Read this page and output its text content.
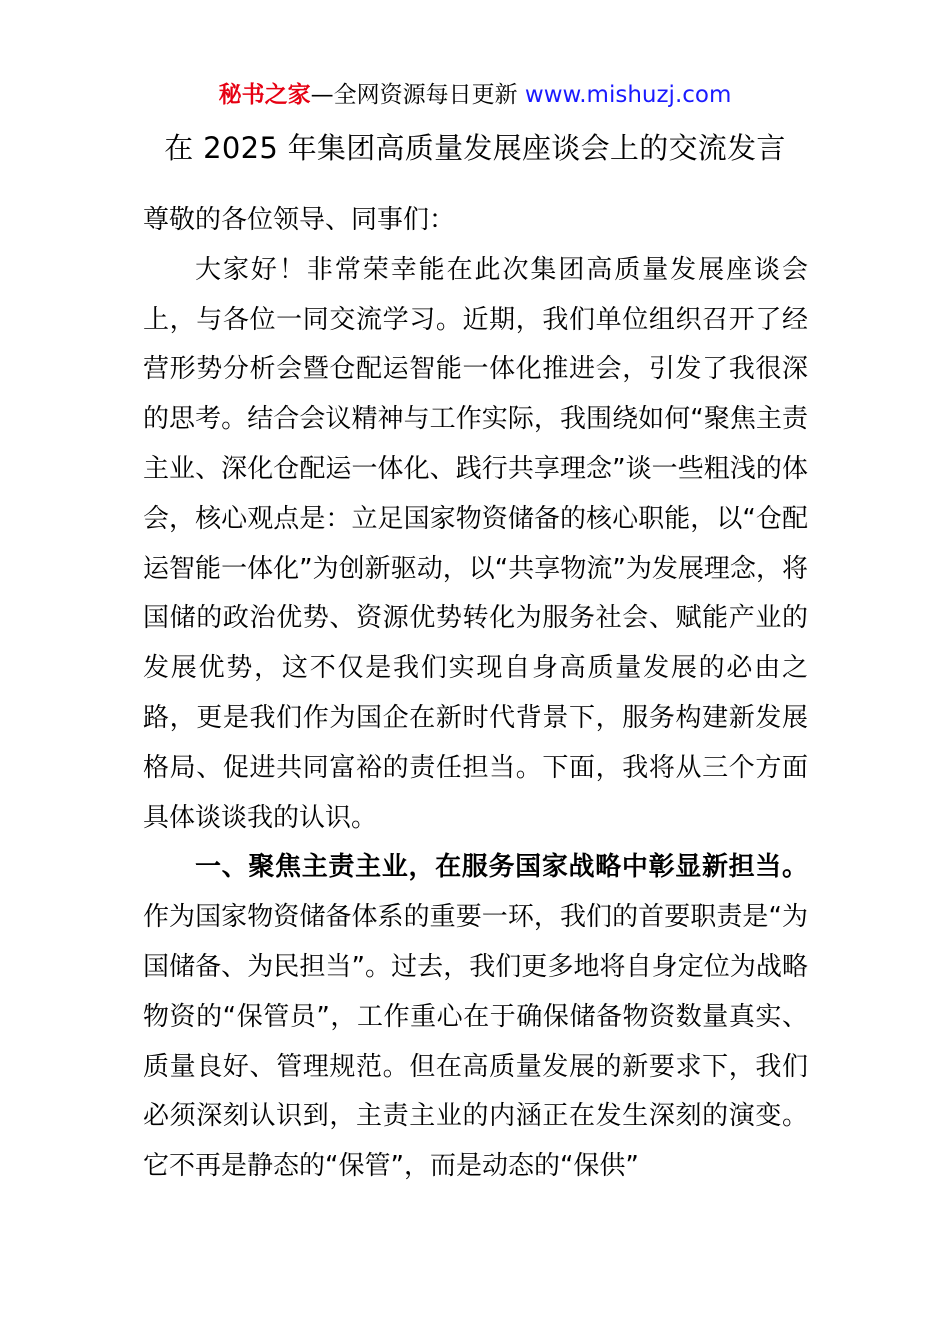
秘书之家—全网资源每日更新 www.mishuzj.com
在 2025 年集团高质量发展座谈会上的交流发言

尊敬的各位领导、同事们：

大家好！非常荣幸能在此次集团高质量发展座谈会上，与各位一同交流学习。近期，我们单位组织召开了经营形势分析会暨仓配运智能一体化推进会，引发了我很深的思考。结合会议精神与工作实际，我围绕如何“聚焦主责主业、深化仓配运一体化、践行共享理念”谈一些粗浅的体会，核心观点是：立足国家物资储备的核心职能，以“仓配运智能一体化”为创新驱动，以“共享物流”为发展理念，将国储的政治优势、资源优势转化为服务社会、赋能产业的发展优势，这不仅是我们实现自身高质量发展的必由之路，更是我们作为国企在新时代背景下，服务构建新发展格局、促进共同富裕的责任担当。下面，我将从三个方面具体谈谈我的认识。

一、聚焦主责主业，在服务国家战略中彰显新担当。作为国家物资储备体系的重要一环，我们的首要职责是“为国储备、为民担当”。过去，我们更多地将自身定位为战略物资的“保管员”，工作重心在于确保储备物资数量真实、质量良好、管理规范。但在高质量发展的新要求下，我们必须深刻认识到，主责主业的内涵正在发生深刻的演变。它不再是静态的“保管”，而是动态的“保供”
